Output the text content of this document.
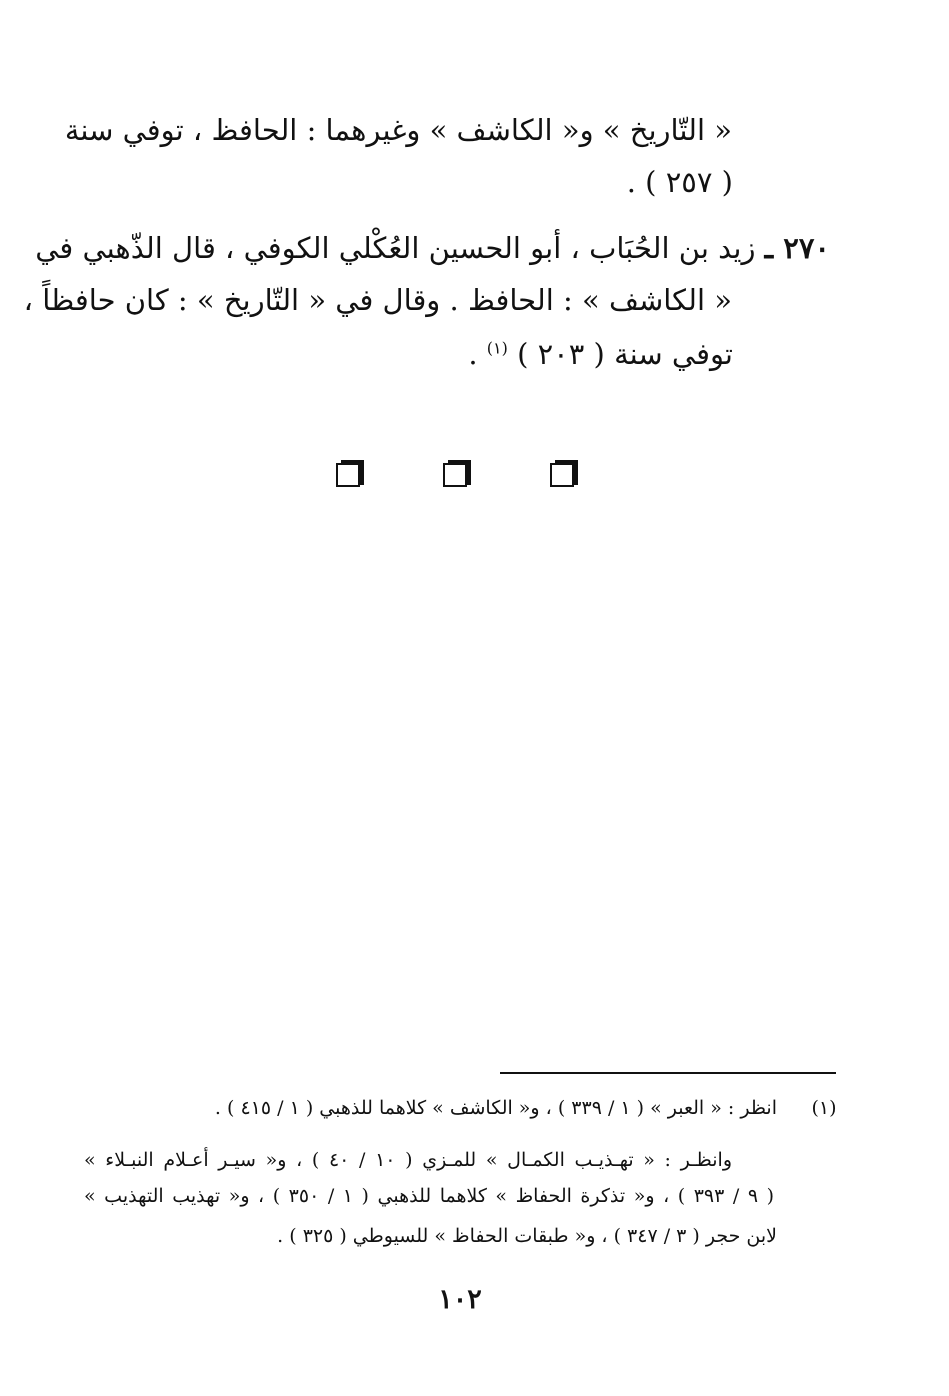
« التّاريخ » و« الكاشف » وغيرهما : الحافظ ، توفي سنة
( ٢٥٧ ) .
٢٧٠ ـ زيد بن الحُبَاب ، أبو الحسين العُكْلي الكوفي ، قال الذّهبي في
« الكاشف » : الحافظ . وقال في « التّاريخ » : كان حافظاً ،
توفي سنة ( ٢٠٣ ) $^{(١)}$ .
(١)
انظر : « العبر » ( ١ / ٣٣٩ ) ، و« الكاشف » كلاهما للذهبي ( ١ / ٤١٥ ) .
وانظـر : « تهـذيـب الكمـال » للمـزي ( ١٠ / ٤٠ ) ، و« سيـر أعـلام النبـلاء »
( ٩ / ٣٩٣ ) ، و« تذكرة الحفاظ » كلاهما للذهبي ( ١ / ٣٥٠ ) ، و« تهذيب التهذيب »
لابن حجر ( ٣ / ٣٤٧ ) ، و« طبقات الحفاظ » للسيوطي ( ٣٢٥ ) .
١٠٢
